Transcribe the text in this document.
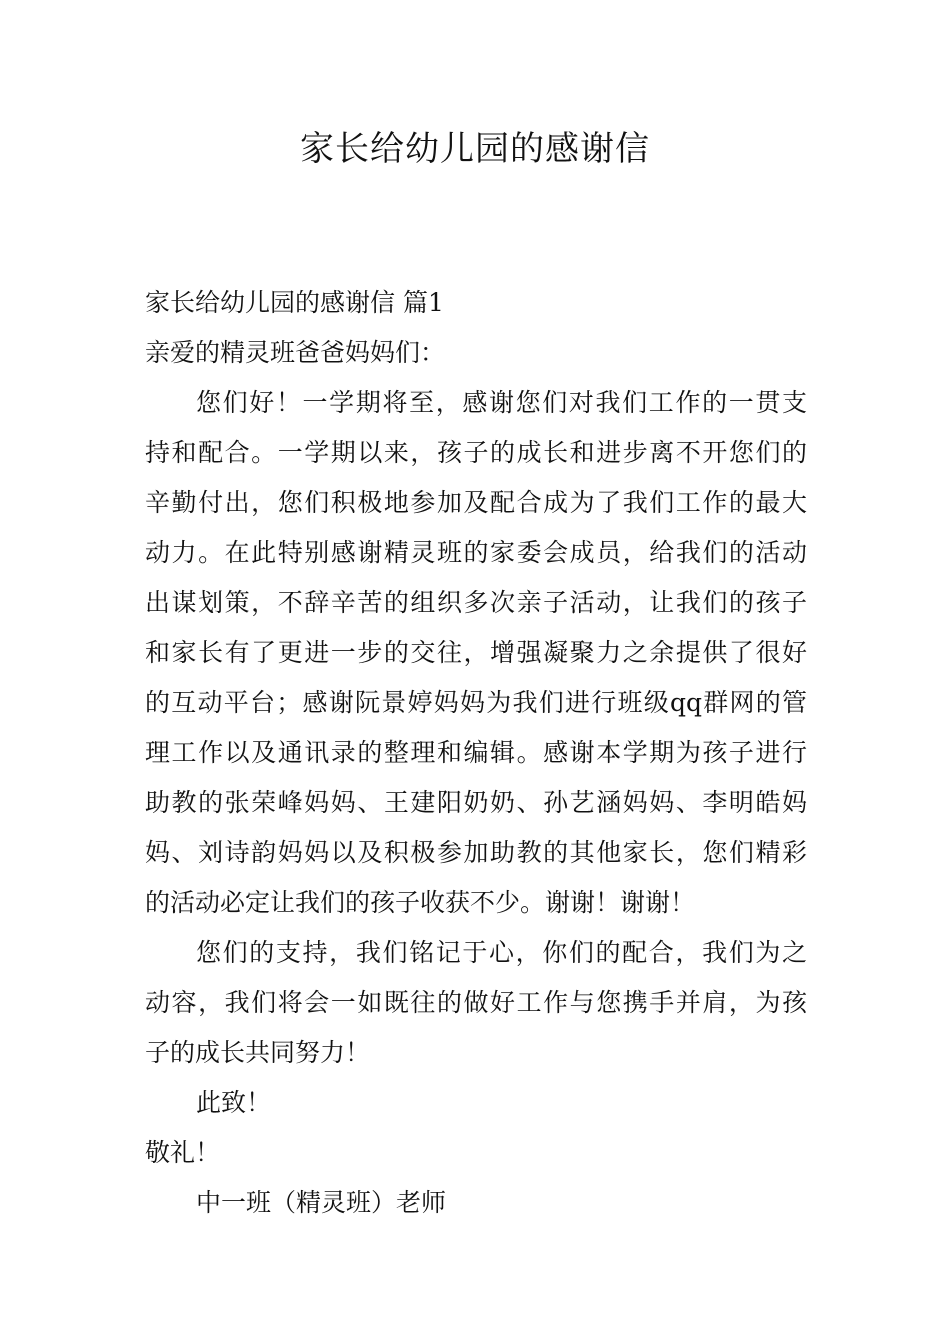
家长给幼儿园的感谢信
家长给幼儿园的感谢信 篇1
亲爱的精灵班爸爸妈妈们：
您们好！一学期将至，感谢您们对我们工作的一贯支
持和配合。一学期以来，孩子的成长和进步离不开您们的
辛勤付出，您们积极地参加及配合成为了我们工作的最大
动力。在此特别感谢精灵班的家委会成员，给我们的活动
出谋划策，不辞辛苦的组织多次亲子活动，让我们的孩子
和家长有了更进一步的交往，增强凝聚力之余提供了很好
的互动平台；感谢阮景婷妈妈为我们进行班级qq群网的管
理工作以及通讯录的整理和编辑。感谢本学期为孩子进行
助教的张荣峰妈妈、王建阳奶奶、孙艺涵妈妈、李明皓妈
妈、刘诗韵妈妈以及积极参加助教的其他家长，您们精彩
的活动必定让我们的孩子收获不少。谢谢！谢谢！
您们的支持，我们铭记于心，你们的配合，我们为之
动容，我们将会一如既往的做好工作与您携手并肩，为孩
子的成长共同努力！
此致！
敬礼！
中一班（精灵班）老师
